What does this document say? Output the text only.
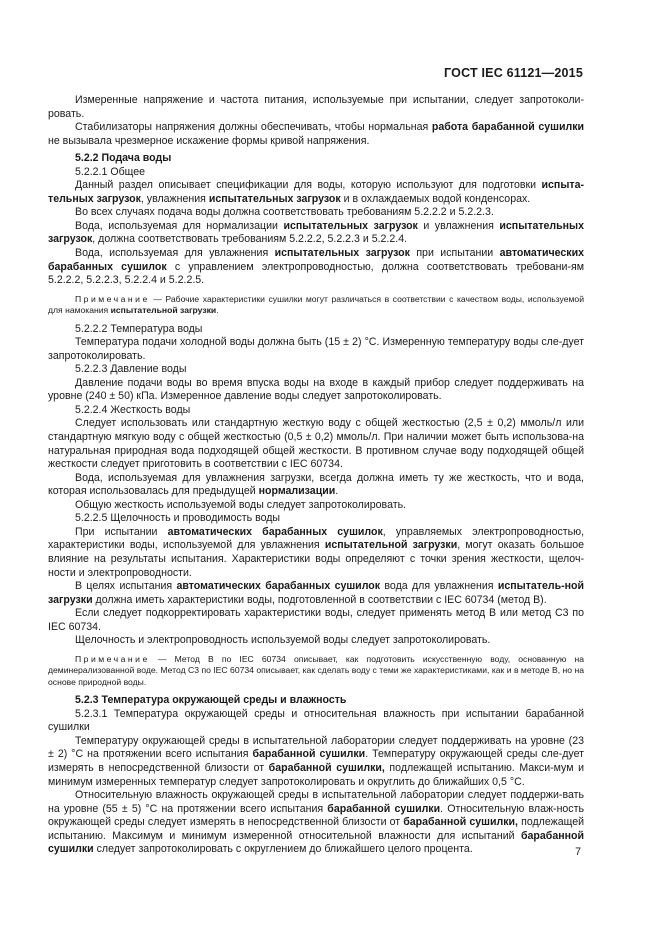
ГОСТ IEC 61121—2015

Измеренные напряжение и частота питания, используемые при испытании, следует запротоколи-ровать.

Стабилизаторы напряжения должны обеспечивать, чтобы нормальная работа барабанной сушилки не вызывала чрезмерное искажение формы кривой напряжения.

5.2.2 Подача воды

5.2.2.1 Общее

Данный раздел описывает спецификации для воды, которую используют для подготовки испыта-тельных загрузок, увлажнения испытательных загрузок и в охлаждаемых водой конденсорах.

Во всех случаях подача воды должна соответствовать требованиям 5.2.2.2 и 5.2.2.3.

Вода, используемая для нормализации испытательных загрузок и увлажнения испытательных загрузок, должна соответствовать требованиям 5.2.2.2, 5.2.2.3 и 5.2.2.4.

Вода, используемая для увлажнения испытательных загрузок при испытании автоматических барабанных сушилок с управлением электропроводностью, должна соответствовать требовани-ям 5.2.2.2, 5.2.2.3, 5.2.2.4 и 5.2.2.5.

Примечание — Рабочие характеристики сушилки могут различаться в соответствии с качеством воды, используемой для намокания испытательной загрузки.

5.2.2.2 Температура воды

Температура подачи холодной воды должна быть (15 ± 2) °C. Измеренную температуру воды сле-дует запротоколировать.

5.2.2.3 Давление воды

Давление подачи воды во время впуска воды на входе в каждый прибор следует поддерживать на уровне (240 ± 50) кПа. Измеренное давление воды следует запротоколировать.

5.2.2.4 Жесткость воды

Следует использовать или стандартную жесткую воду с общей жесткостью (2,5 ± 0,2) ммоль/л или стандартную мягкую воду с общей жесткостью (0,5 ± 0,2) ммоль/л. При наличии может быть использова-на натуральная природная вода подходящей общей жесткости. В противном случае воду подходящей общей жесткости следует приготовить в соответствии с IEC 60734.

Вода, используемая для увлажнения загрузки, всегда должна иметь ту же жесткость, что и вода, которая использовалась для предыдущей нормализации.

Общую жесткость используемой воды следует запротоколировать.

5.2.2.5 Щелочность и проводимость воды

При испытании автоматических барабанных сушилок, управляемых электропроводностью, характеристики воды, используемой для увлажнения испытательной загрузки, могут оказать большое влияние на результаты испытания. Характеристики воды определяют с точки зрения жесткости, щелоч-ности и электропроводности.

В целях испытания автоматических барабанных сушилок вода для увлажнения испытатель-ной загрузки должна иметь характеристики воды, подготовленной в соответствии с IEC 60734 (метод В).

Если следует подкорректировать характеристики воды, следует применять метод В или метод С3 по IEC 60734.

Щелочность и электропроводность используемой воды следует запротоколировать.

Примечание — Метод В по IEC 60734 описывает, как подготовить искусственную воду, основанную на деминерализованной воде. Метод С3 по IEC 60734 описывает, как сделать воду с теми же характеристиками, как и в методе В, но на основе природной воды.

5.2.3 Температура окружающей среды и влажность

5.2.3.1 Температура окружающей среды и относительная влажность при испытании барабанной сушилки

Температуру окружающей среды в испытательной лаборатории следует поддерживать на уровне (23 ± 2) °C на протяжении всего испытания барабанной сушилки. Температуру окружающей среды сле-дует измерять в непосредственной близости от барабанной сушилки, подлежащей испытанию. Макси-мум и минимум измеренных температур следует запротоколировать и округлить до ближайших 0,5 °C.

Относительную влажность окружающей среды в испытательной лаборатории следует поддержи-вать на уровне (55 ± 5) °C на протяжении всего испытания барабанной сушилки. Относительную влаж-ность окружающей среды следует измерять в непосредственной близости от барабанной сушилки, подлежащей испытанию. Максимум и минимум измеренной относительной влажности для испытаний барабанной сушилки следует запротоколировать с округлением до ближайшего целого процента.	7
